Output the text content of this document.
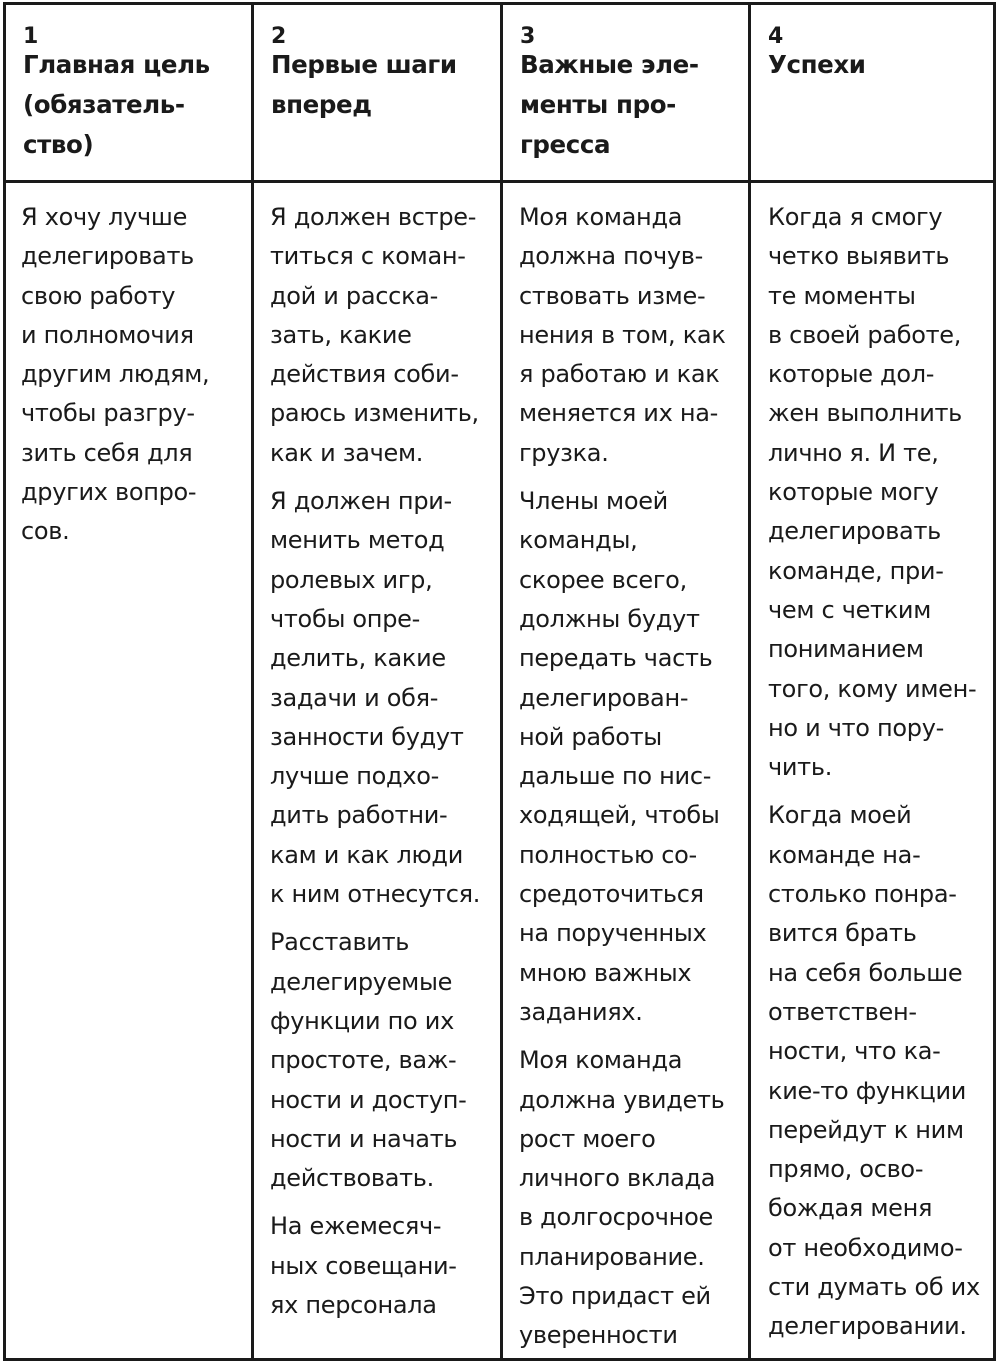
1
Главная цель
(обязатель-
ство)
2
Первые шаги
вперед
3
Важные эле-
менты про-
гресса
4
Успехи
Я хочу лучше
делегировать
свою работу
и полномочия
другим людям,
чтобы разгру-
зить себя для
других вопро-
сов.
Я должен встре-
титься с коман-
дой и расска-
зать, какие
действия соби-
раюсь изменить,
как и зачем.
Я должен при-
менить метод
ролевых игр,
чтобы опре-
делить, какие
задачи и обя-
занности будут
лучше подхо-
дить работни-
кам и как люди
к ним отнесутся.
Расставить
делегируемые
функции по их
простоте, важ-
ности и доступ-
ности и начать
действовать.
На ежемесяч-
ных совещани-
ях персонала
Моя команда
должна почув-
ствовать изме-
нения в том, как
я работаю и как
меняется их на-
грузка.
Члены моей
команды,
скорее всего,
должны будут
передать часть
делегирован-
ной работы
дальше по нис-
ходящей, чтобы
полностью со-
средоточиться
на порученных
мною важных
заданиях.
Моя команда
должна увидеть
рост моего
личного вклада
в долгосрочное
планирование.
Это придаст ей
уверенности
Когда я смогу
четко выявить
те моменты
в своей работе,
которые дол-
жен выполнить
лично я. И те,
которые могу
делегировать
команде, при-
чем с четким
пониманием
того, кому имен-
но и что пору-
чить.
Когда моей
команде на-
столько понра-
вится брать
на себя больше
ответствен-
ности, что ка-
кие-то функции
перейдут к ним
прямо, осво-
бождая меня
от необходимо-
сти думать об их
делегировании.
